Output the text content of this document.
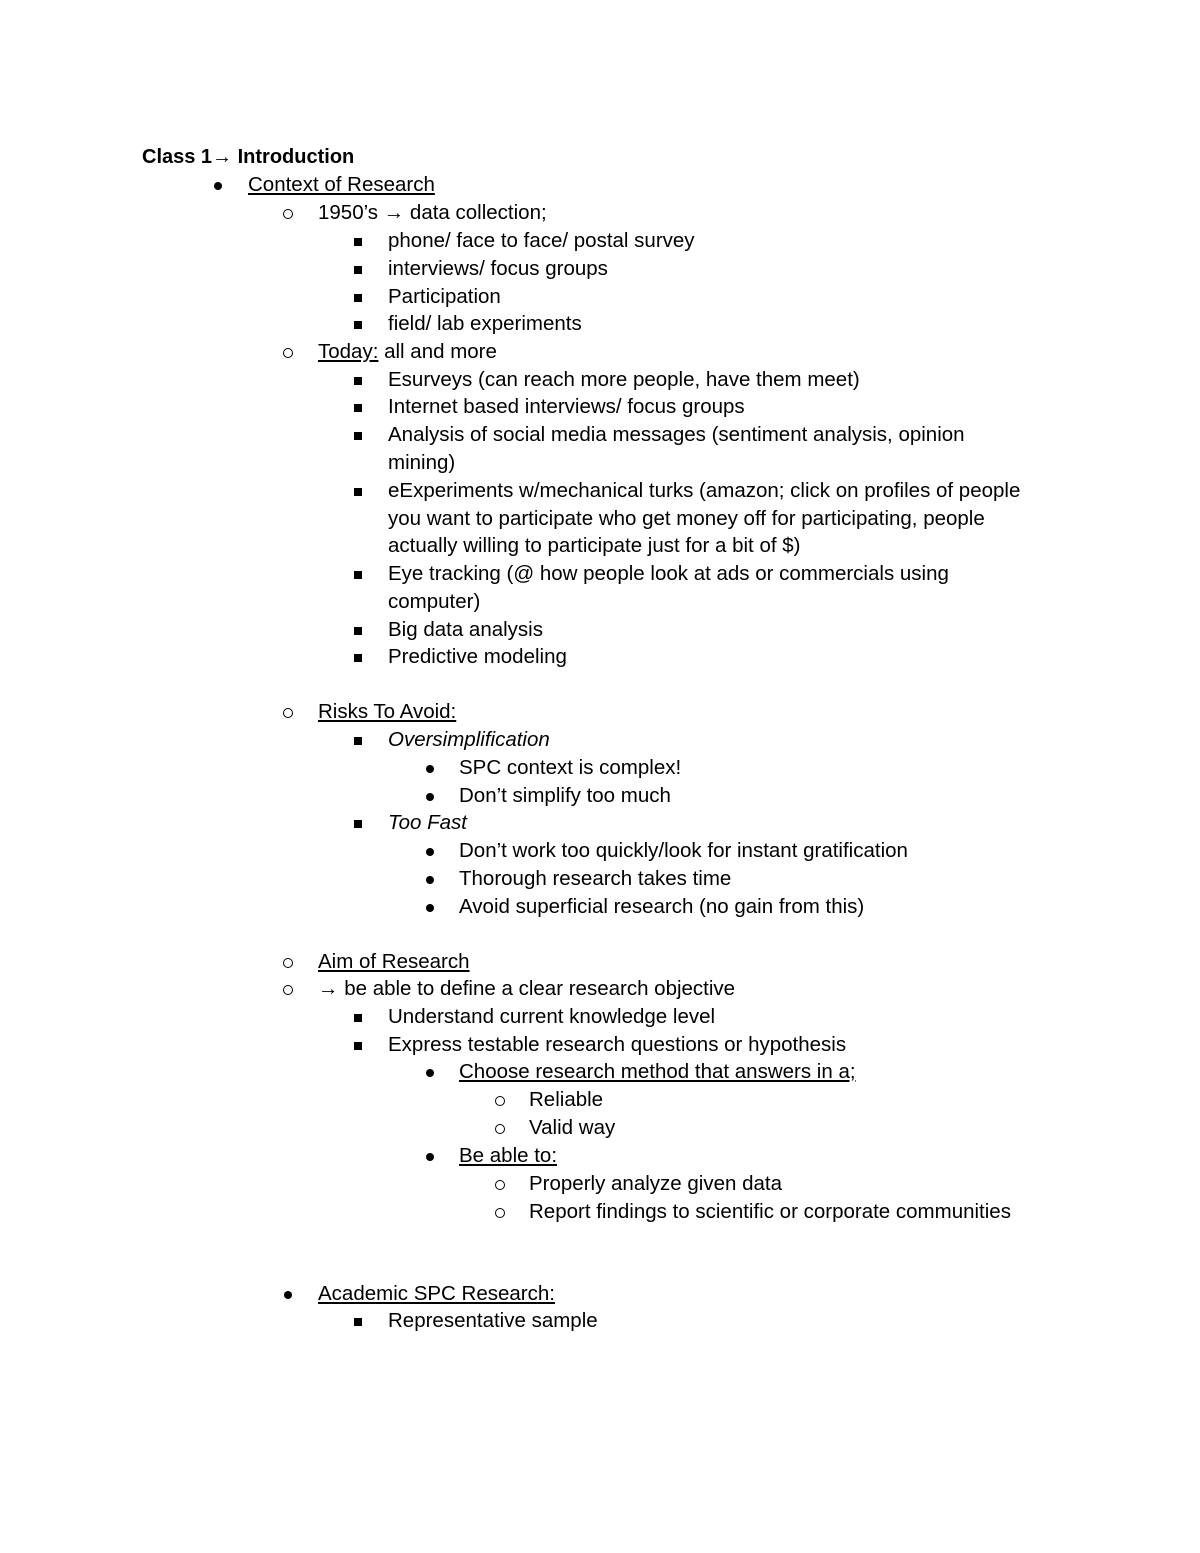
Class 1→ Introduction
Context of Research
1950’s → data collection;
phone/ face to face/ postal survey
interviews/ focus groups
Participation
field/ lab experiments
Today: all and more
Esurveys (can reach more people, have them meet)
Internet based interviews/ focus groups
Analysis of social media messages (sentiment analysis, opinion
mining)
eExperiments w/mechanical turks (amazon; click on profiles of people
you want to participate who get money off for participating, people
actually willing to participate just for a bit of $)
Eye tracking (@ how people look at ads or commercials using
computer)
Big data analysis
Predictive modeling
Risks To Avoid:
Oversimplification
SPC context is complex!
Don’t simplify too much
Too Fast
Don’t work too quickly/look for instant gratification
Thorough research takes time
Avoid superficial research (no gain from this)
Aim of Research
→ be able to define a clear research objective
Understand current knowledge level
Express testable research questions or hypothesis
Choose research method that answers in a;
Reliable
Valid way
Be able to:
Properly analyze given data
Report findings to scientific or corporate communities
Academic SPC Research:
Representative sample
